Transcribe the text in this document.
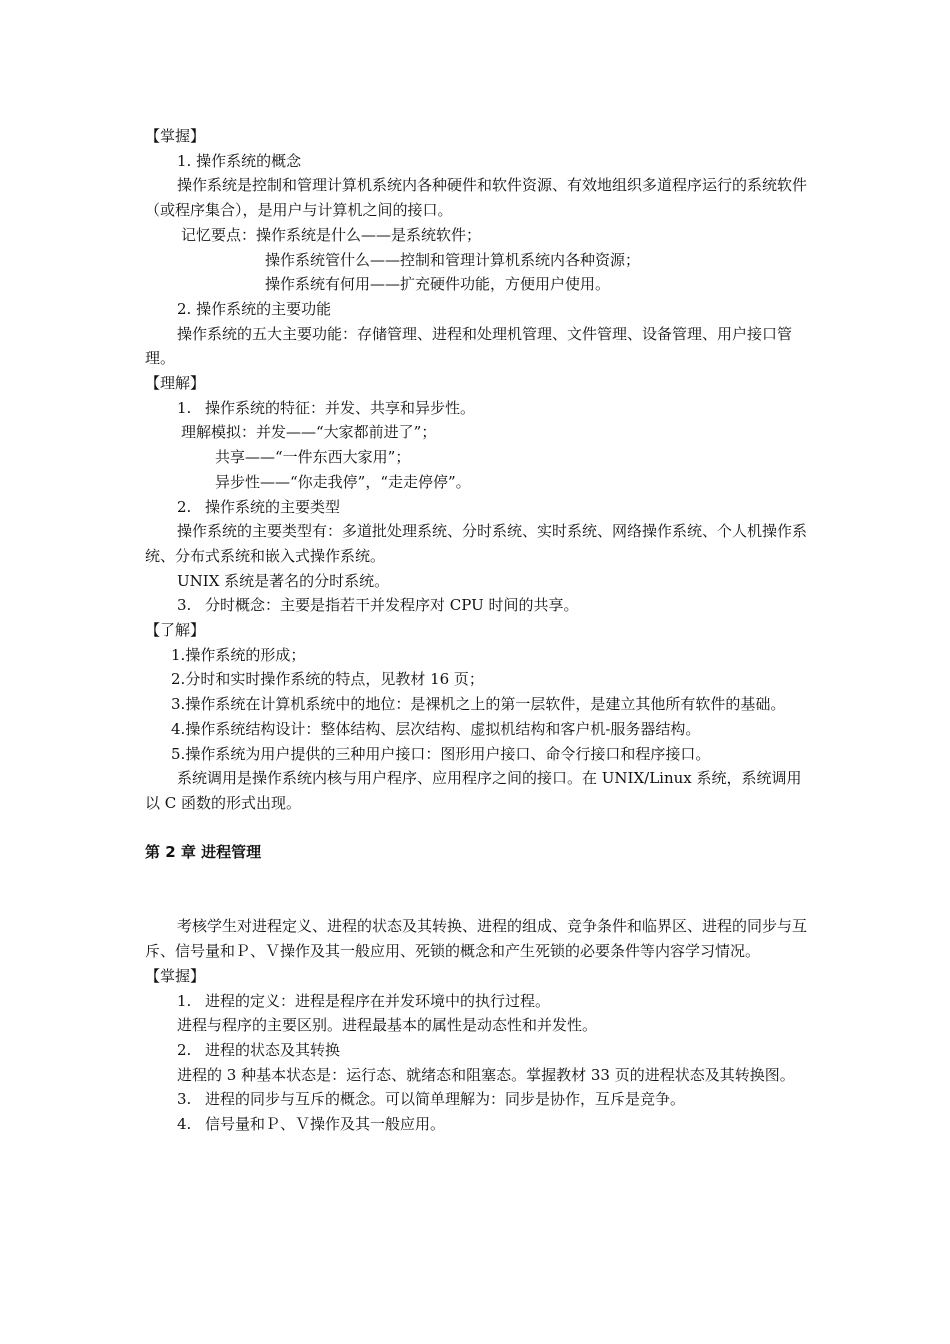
【掌握】

1. 操作系统的概念

操作系统是控制和管理计算机系统内各种硬件和软件资源、有效地组织多道程序运行的系统软件（或程序集合），是用户与计算机之间的接口。

记忆要点：操作系统是什么——是系统软件；

操作系统管什么——控制和管理计算机系统内各种资源；

操作系统有何用——扩充硬件功能，方便用户使用。

2. 操作系统的主要功能

操作系统的五大主要功能：存储管理、进程和处理机管理、文件管理、设备管理、用户接口管理。

【理解】

1. 操作系统的特征：并发、共享和异步性。

理解模拟：并发——“大家都前进了”；

共享——“一件东西大家用”；

异步性——“你走我停”，“走走停停”。

2. 操作系统的主要类型

操作系统的主要类型有：多道批处理系统、分时系统、实时系统、网络操作系统、个人机操作系统、分布式系统和嵌入式操作系统。

UNIX 系统是著名的分时系统。

3. 分时概念：主要是指若干并发程序对 CPU 时间的共享。

【了解】

1.操作系统的形成；

2.分时和实时操作系统的特点，见教材 16 页；

3.操作系统在计算机系统中的地位：是裸机之上的第一层软件，是建立其他所有软件的基础。

4.操作系统结构设计：整体结构、层次结构、虚拟机结构和客户机-服务器结构。

5.操作系统为用户提供的三种用户接口：图形用户接口、命令行接口和程序接口。

系统调用是操作系统内核与用户程序、应用程序之间的接口。在 UNIX/Linux 系统，系统调用以 C 函数的形式出现。

第 2 章 进程管理

考核学生对进程定义、进程的状态及其转换、进程的组成、竞争条件和临界区、进程的同步与互斥、信号量和Ｐ、Ｖ操作及其一般应用、死锁的概念和产生死锁的必要条件等内容学习情况。

【掌握】

1. 进程的定义：进程是程序在并发环境中的执行过程。

进程与程序的主要区别。进程最基本的属性是动态性和并发性。

2. 进程的状态及其转换

进程的 3 种基本状态是：运行态、就绪态和阻塞态。掌握教材 33 页的进程状态及其转换图。

3. 进程的同步与互斥的概念。可以简单理解为：同步是协作，互斥是竞争。

4. 信号量和Ｐ、Ｖ操作及其一般应用。
